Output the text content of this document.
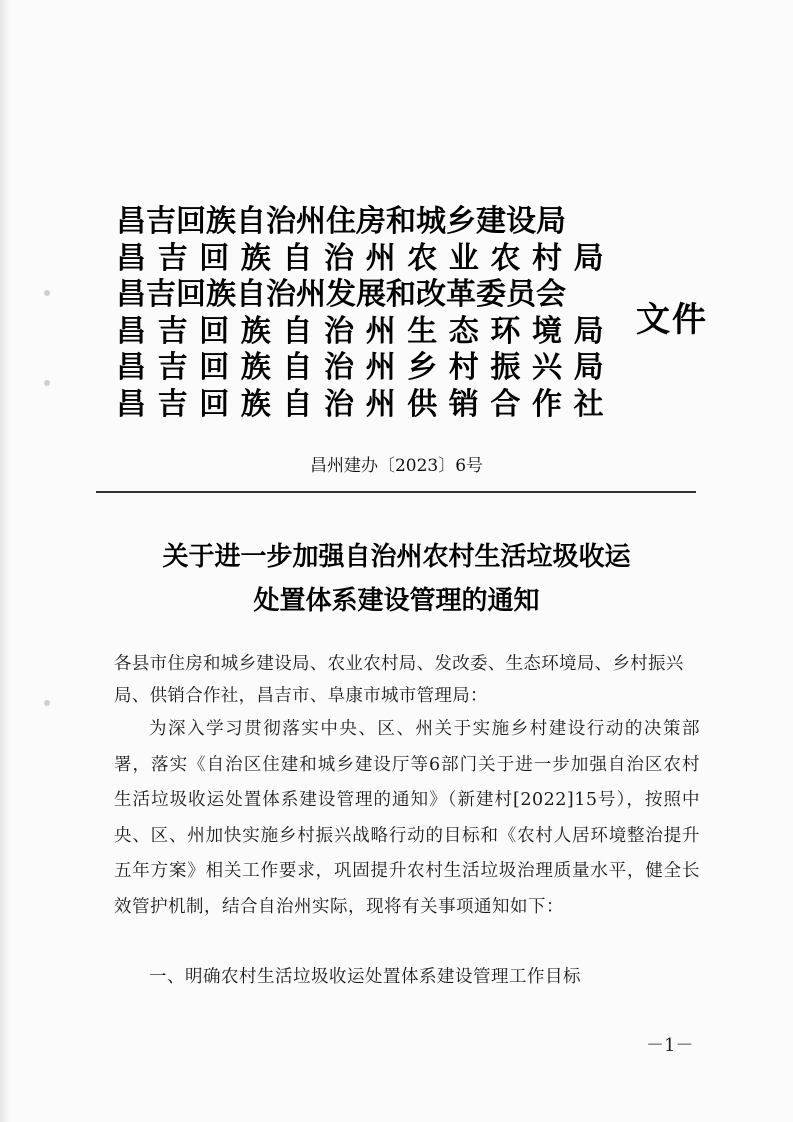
昌吉回族自治州住房和城乡建设局
昌吉回族自治州农业农村局
昌吉回族自治州发展和改革委员会
昌吉回族自治州生态环境局
昌吉回族自治州乡村振兴局
昌吉回族自治州供销合作社
文件
昌州建办〔2023〕6号
关于进一步加强自治州农村生活垃圾收运
处置体系建设管理的通知
各县市住房和城乡建设局、农业农村局、发改委、生态环境局、乡村振兴局、供销合作社，昌吉市、阜康市城市管理局：

为深入学习贯彻落实中央、区、州关于实施乡村建设行动的决策部署，落实《自治区住建和城乡建设厅等6部门关于进一步加强自治区农村生活垃圾收运处置体系建设管理的通知》（新建村[2022]15号），按照中央、区、州加快实施乡村振兴战略行动的目标和《农村人居环境整治提升五年方案》相关工作要求，巩固提升农村生活垃圾治理质量水平，健全长效管护机制，结合自治州实际，现将有关事项通知如下：

一、明确农村生活垃圾收运处置体系建设管理工作目标
－1－
